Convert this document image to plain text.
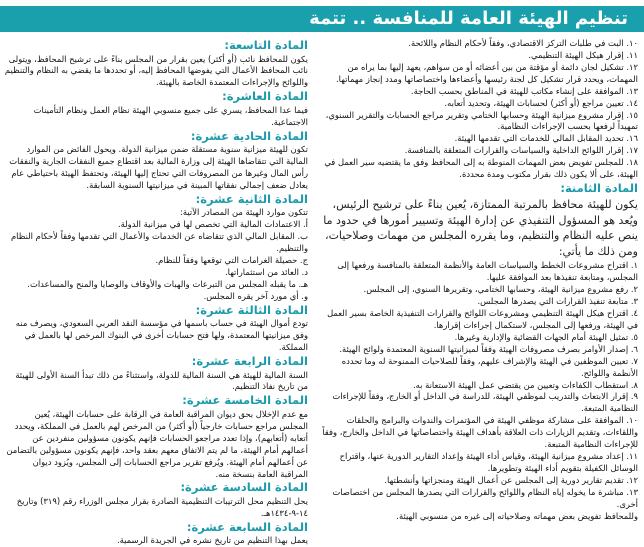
تنظيم الهيئة العامة للمنافسة .. تتمة

١٠. البت في طلبات التركز الاقتصادي، وفقاً لأحكام النظام واللائحة.

١١. إقرار هيكل الهيئة التنظيمي.

١٢. تشكيل لجان دائمة أو مؤقتة من بين أعضائه أو من سواهم، يعهد إليها بما يراه من المهمات، ويحدد قرار تشكيل كل لجنة رئيسها وأعضاءها واختصاصاتها ومدد إنجاز مهماتها.

١٣. الموافقة على إنشاء مكاتب للهيئة في المناطق بحسب الحاجة.

١٤. تعيين مراجع (أو أكثر) لحسابات الهيئة، وتحديد أتعابه.

١٥. إقرار مشروع ميزانية الهيئة وحسابها الختامي وتقرير مراجع الحسابات والتقرير السنوي، تمهيداً لرفعها بحسب الإجراءات النظامية.

١٦. تحديد المقابل المالي للخدمات التي تقدمها الهيئة.

١٧. إقرار اللوائح الداخلية والسياسات والقرارات المتعلقة بالمنافسة.

١٨. للمجلس تفويض بعض المهمات المنوطة به إلى المحافظ وفق ما يقتضيه سير العمل في الهيئة، على ألا يكون ذلك بقرار مكتوب ومدة محددة.

المادة الثامنة:

يكون للهيئة محافظ بالمرتبة الممتازة، يُعين بناءً على ترشيح الرئيس، ويُعد هو المسؤول التنفيذي عن إدارة الهيئة وتسيير أمورها في حدود ما ينص عليه النظام والتنظيم، وما يقرره المجلس من مهمات وصلاحيات، ومن ذلك ما يأتي:

١. اقتراح مشروعات الخطط والسياسات العامة والأنظمة المتعلقة بالمنافسة ورفعها إلى المجلس، ومتابعة تنفيذها بعد الموافقة عليها.

٢. رفع مشروع ميزانية الهيئة، وحسابها الختامي، وتقريرها السنوي، إلى المجلس.

٣. متابعة تنفيذ القرارات التي يصدرها المجلس.

٤. اقتراح هيكل الهيئة التنظيمي ومشروعات اللوائح والقرارات التنفيذية الخاصة بسير العمل في الهيئة، ورفعها إلى المجلس، لاستكمال إجراءات إقرارها.

٥. تمثيل الهيئة أمام الجهات القضائية والإدارية وغيرها.

٦. إصدار الأوامر بصرف مصروفات الهيئة وفقاً لميزانيتها السنوية المعتمدة ولوائح الهيئة.

٧. تعيين الموظفين في الهيئة والإشراف عليهم، وفقاً للصلاحيات الممنوحة له وما تحدده الأنظمة واللوائح.

٨. استقطاب الكفاءات وتعيين من يقتضي عمل الهيئة الاستعانة به.

٩. إقرار الابتعاث والتدريب لموظفي الهيئة، للدراسة في الداخل أو الخارج، وفقاً للإجراءات النظامية المتبعة.

١٠. الموافقة على مشاركة موظفي الهيئة في المؤتمرات والندوات والبرامج والحلقات واللقاءات، وتقديم الزيارات ذات العلاقة بأهداف الهيئة واختصاصاتها في الداخل والخارج، وفقاً للإجراءات النظامية المتبعة.

١١. إعداد مشروع ميزانية الهيئة، وقياس أداء الهيئة وإعداد التقارير الدورية عنها، واقتراح الوسائل الكفيلة بتقويم أداء الهيئة وتطويرها.

١٢. تقديم تقارير دورية إلى المجلس عن أعمال الهيئة ومنجزاتها وأنشطتها.

١٣. مباشرة ما يخوله إياه النظام واللوائح والقرارات التي يصدرها المجلس من اختصاصات أخرى.

وللمحافظ تفويض بعض مهماته وصلاحياته إلى غيره من منسوبي الهيئة.

المادة التاسعة:

يكون للمحافظ نائب (أو أكثر) يعين بقرار من المجلس بناءً على ترشيح المحافظ، ويتولى نائب المحافظ الأعمال التي يفوضها المحافظ إليه، أو تحددها ما يقضي به النظام والتنظيم واللوائح والإجراءات المعتمدة الخاصة بالهيئة.

المادة العاشرة:

فيما عدا المحافظ، يسري على جميع منسوبي الهيئة نظام العمل ونظام التأمينات الاجتماعية.

المادة الحادية عشرة:

تكون للهيئة ميزانية سنوية مستقلة ضمن ميزانية الدولة. ويحول الفائض من الموارد المالية التي تتقاضاها الهيئة إلى وزارة المالية بعد اقتطاع جميع النفقات الجارية والنفقات رأس المال وغيرها من المصروفات التي تحتاج إليها الهيئة، وتحتفظ الهيئة باحتياطي عام يعادل ضعف إجمالي نفقاتها المبينة في ميزانيتها السنوية السابقة.

المادة الثانية عشرة:

تتكون موارد الهيئة من المصادر الآتية:

أ. الاعتمادات المالية التي تخصص لها في ميزانية الدولة.

ب. المقابل المالي الذي تتقاضاه عن الخدمات والأعمال التي تقدمها وفقاً لأحكام النظام والتنظيم.

ج. حصيلة الغرامات التي توقعها وفقاً للنظام.

د. العائد من استثماراتها.

هـ. ما يقبله المجلس من التبرعات والهبات والأوقاف والوصايا والمنح والمساعدات.

و. أي مورد آخر يقره المجلس.

المادة الثالثة عشرة:

تودع أموال الهيئة في حساب باسمها في مؤسسة النقد العربي السعودي، ويصرف منه وفق ميزانيتها المعتمدة، ولها فتح حسابات أخرى في البنوك المرخص لها بالعمل في المملكة.

المادة الرابعة عشرة:

السنة المالية للهيئة هي السنة المالية للدولة، واستثناءً من ذلك تبدأ السنة الأولى للهيئة من تاريخ نفاذ التنظيم.

المادة الخامسة عشرة:

مع عدم الإخلال بحق ديوان المراقبة العامة في الرقابة على حسابات الهيئة، يُعين المجلس مراجع حسابات خارجياً (أو أكثر) من المرخص لهم بالعمل في المملكة، ويحدد أتعابه (أتعابهم)، وإذا تعدد مراجعو الحسابات فإنهم يكونون مسؤولين منفردين عن أعمالهم أمام الهيئة، ما لم يتم الاتفاق معهم بعقد واحد، فإنهم يكونون مسؤولين بالتضامن عن أعمالهم أمام الهيئة. ويُرفع تقرير مراجع الحسابات إلى المجلس، ويُزود ديوان المراقبة العامة بنسخة منه.

المادة السادسة عشرة:

يحل التنظيم محل الترتيبات التنظيمية الصادرة بقرار مجلس الوزراء رقم (٣١٩) وتاريخ ١٤-٩-١٤٣٤هـ.

المادة السابعة عشرة:

يعمل بهذا التنظيم من تاريخ نشره في الجريدة الرسمية.
